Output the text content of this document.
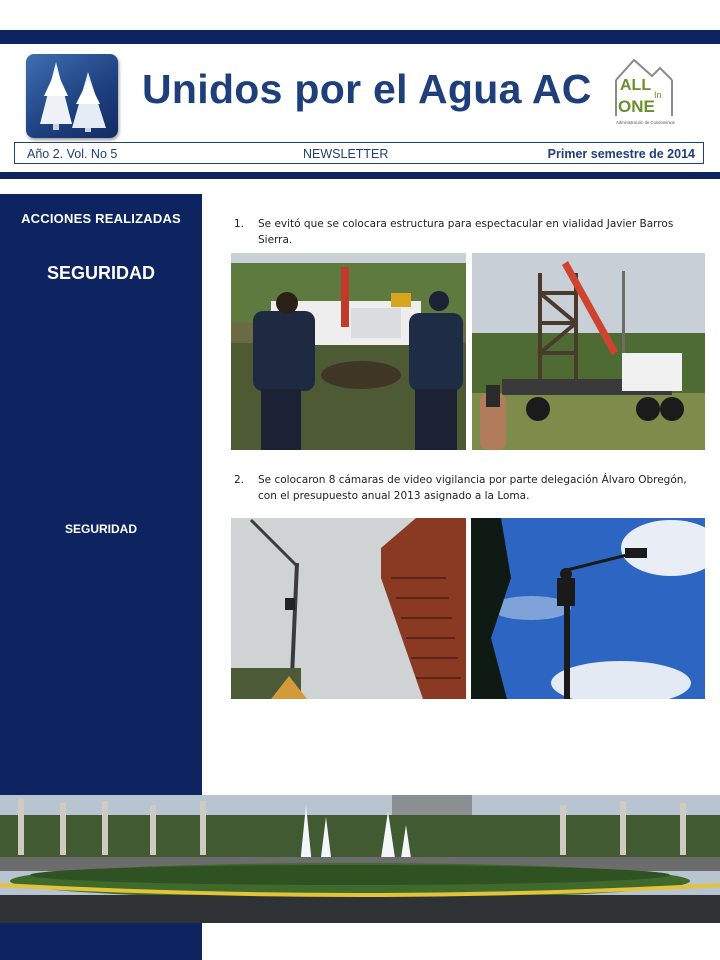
Unidos por el Agua AC ALL
In
ONE
Administración de Condominios
Año 2. Vol. No 5	NEWSLETTER	Primer semestre de 2014
ACCIONES REALIZADAS
SEGURIDAD
SEGURIDAD
1. Se evitó que se colocara estructura para espectacular en vialidad Javier Barros Sierra.
2. Se colocaron 8 cámaras de video vigilancia por parte delegación Álvaro Obregón, con el presupuesto anual 2013 asignado a la Loma.
